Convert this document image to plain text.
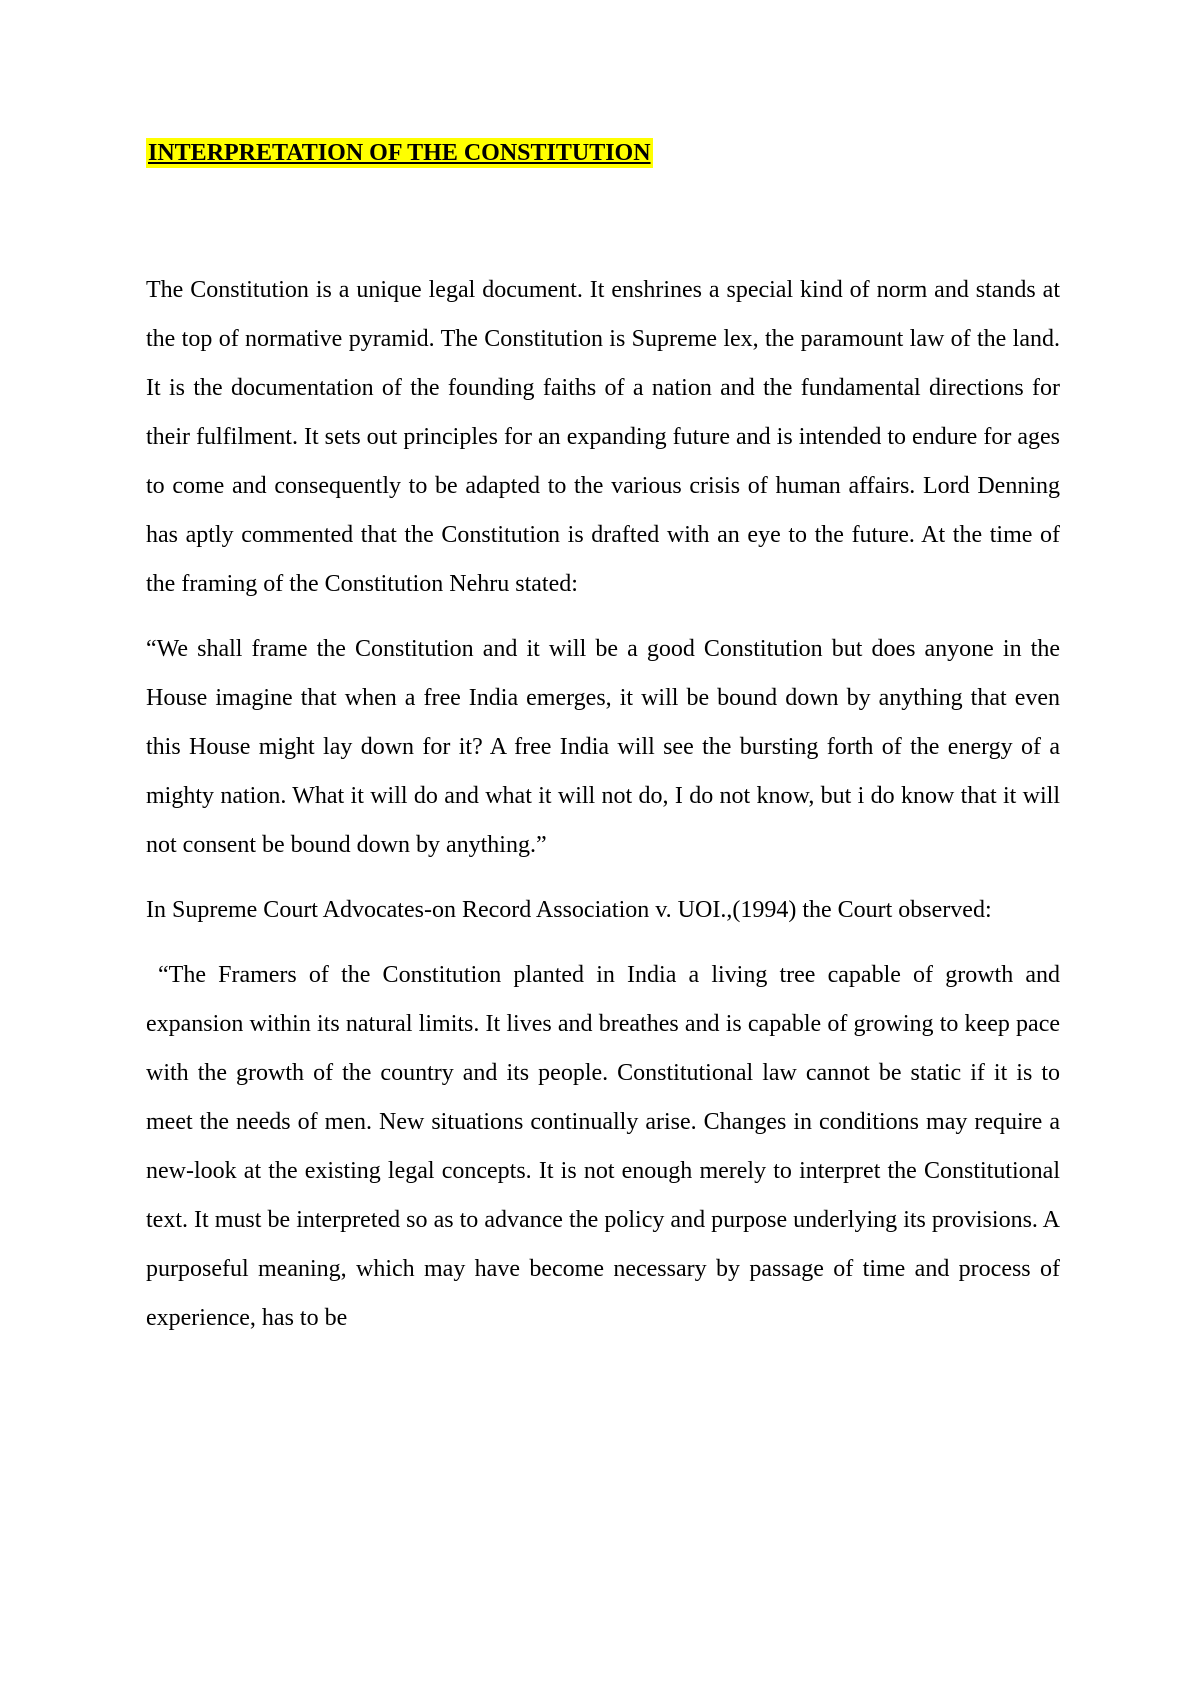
INTERPRETATION OF THE CONSTITUTION

The Constitution is a unique legal document. It enshrines a special kind of norm and stands at the top of normative pyramid. The Constitution is Supreme lex, the paramount law of the land. It is the documentation of the founding faiths of a nation and the fundamental directions for their fulfilment. It sets out principles for an expanding future and is intended to endure for ages to come and consequently to be adapted to the various crisis of human affairs. Lord Denning has aptly commented that the Constitution is drafted with an eye to the future. At the time of the framing of the Constitution Nehru stated:

“We shall frame the Constitution and it will be a good Constitution but does anyone in the House imagine that when a free India emerges, it will be bound down by anything that even this House might lay down for it? A free India will see the bursting forth of the energy of a mighty nation. What it will do and what it will not do, I do not know, but i do know that it will not consent be bound down by anything.”

In Supreme Court Advocates-on Record Association v. UOI.,(1994) the Court observed:

“The Framers of the Constitution planted in India a living tree capable of growth and expansion within its natural limits. It lives and breathes and is capable of growing to keep pace with the growth of the country and its people. Constitutional law cannot be static if it is to meet the needs of men. New situations continually arise. Changes in conditions may require a new-look at the existing legal concepts. It is not enough merely to interpret the Constitutional text. It must be interpreted so as to advance the policy and purpose underlying its provisions. A purposeful meaning, which may have become necessary by passage of time and process of experience, has to be
